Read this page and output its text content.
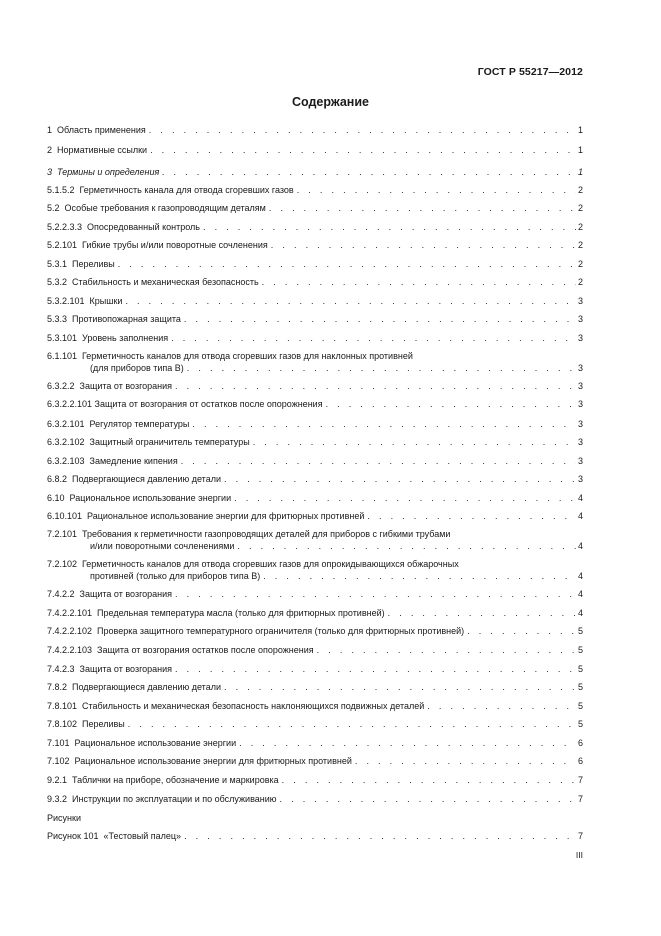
ГОСТ Р 55217—2012
Содержание
1  Область применения . . .	1
2  Нормативные ссылки . . .	1
3  Термины и определения . . .	1
5.1.5.2  Герметичность канала для отвода сгоревших газов . . .	2
5.2  Особые требования к газопроводящим деталям . . .	2
5.2.2.3.3  Опосредованный контроль . . .	2
5.2.101  Гибкие трубы и/или поворотные сочленения . . .	2
5.3.1  Переливы . . .	2
5.3.2  Стабильность и механическая безопасность . . .	2
5.3.2.101  Крышки . . .	3
5.3.3  Противопожарная защита . . .	3
5.3.101  Уровень заполнения . . .	3
6.1.101  Герметичность каналов для отвода сгоревших газов для наклонных противней
(для приборов типа В) . . .	3
6.3.2.2  Защита от возгорания . . .	3
6.3.2.2.101 Защита от возгорания от остатков после опорожнения . . .	3
6.3.2.101  Регулятор температуры . . .	3
6.3.2.102  Защитный ограничитель температуры . . .	3
6.3.2.103  Замедление кипения . . .	3
6.8.2  Подвергающиеся давлению детали . . .	3
6.10  Рациональное использование энергии . . .	4
6.10.101  Рациональное использование энергии для фритюрных противней . . .	4
7.2.101  Требования к герметичности газопроводящих деталей для приборов с гибкими трубами
и/или поворотными сочленениями . . .	4
7.2.102  Герметичность каналов для отвода сгоревших газов для опрокидывающихся обжарочных
противней (только для приборов типа В) . . .	4
7.4.2.2  Защита от возгорания . . .	4
7.4.2.2.101  Предельная температура масла (только для фритюрных противней) . . .	4
7.4.2.2.102  Проверка защитного температурного ограничителя (только для фритюрных противней) . . .	5
7.4.2.2.103  Защита от возгорания остатков после опорожнения . . .	5
7.4.2.3  Защита от возгорания . . .	5
7.8.2  Подвергающиеся давлению детали . . .	5
7.8.101  Стабильность и механическая безопасность наклоняющихся подвижных деталей . . .	5
7.8.102  Переливы . . .	5
7.101  Рациональное использование энергии . . .	6
7.102  Рациональное использование энергии для фритюрных противней . . .	6
9.2.1  Таблички на приборе, обозначение и маркировка . . .	7
9.3.2  Инструкции по эксплуатации и по обслуживанию . . .	7
Рисунки
Рисунок 101  «Тестовый палец» . . .	7
III
